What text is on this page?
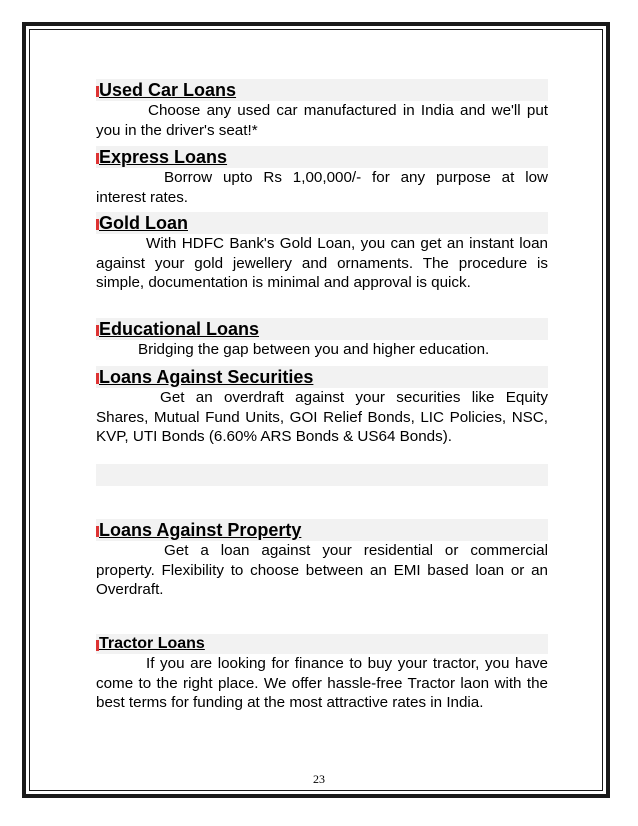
Used Car Loans

Choose any used car manufactured in India and we'll put you in the driver's seat!*

Express Loans

Borrow upto Rs 1,00,000/- for any purpose at low interest rates.

Gold Loan

With HDFC Bank's Gold Loan, you can get an instant loan against your gold jewellery and ornaments. The procedure is simple, documentation is minimal and approval is quick.

Educational Loans

Bridging the gap between you and higher education.

Loans Against Securities

Get an overdraft against your securities like Equity Shares, Mutual Fund Units, GOI Relief Bonds, LIC Policies, NSC, KVP, UTI Bonds (6.60% ARS Bonds & US64 Bonds).

Loans Against Property

Get a loan against your residential or commercial property. Flexibility to choose between an EMI based loan or an Overdraft.

Tractor Loans

If you are looking for finance to buy your tractor, you have come to the right place. We offer hassle-free Tractor laon with the best terms for funding at the most attractive rates in India.

23
